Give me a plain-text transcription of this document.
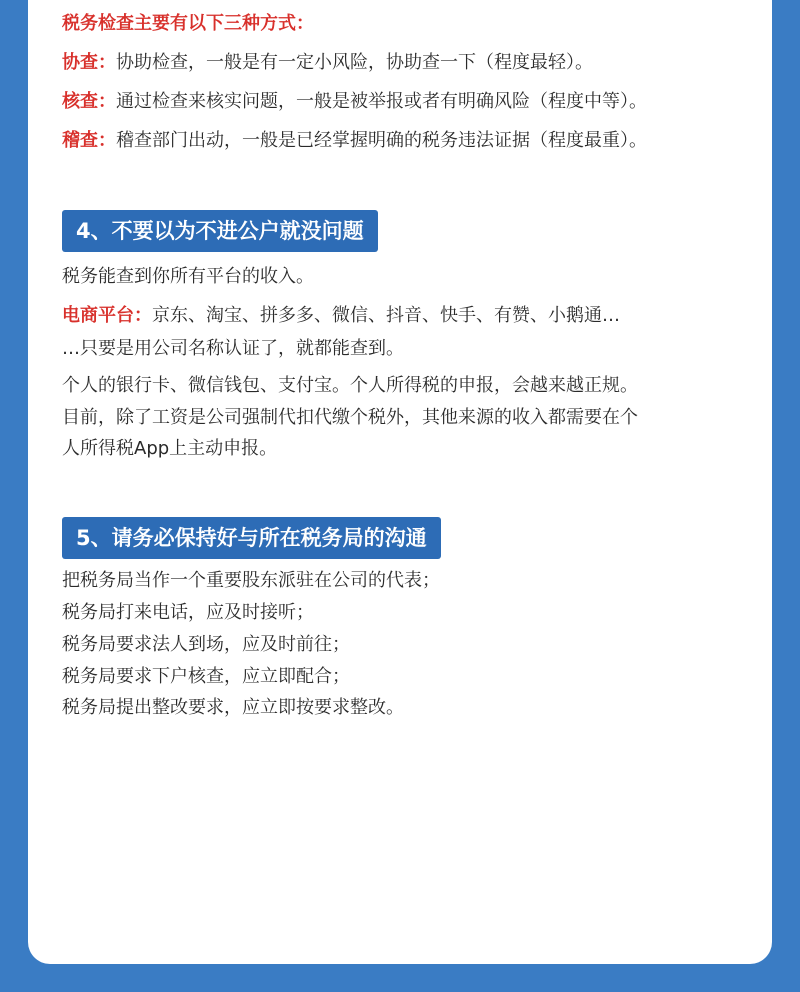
税务检查主要有以下三种方式：
协查：协助检查，一般是有一定小风险，协助查一下（程度最轻）。
核查：通过检查来核实问题，一般是被举报或者有明确风险（程度中等）。
稽查：稽查部门出动，一般是已经掌握明确的税务违法证据（程度最重）。
4、不要以为不进公户就没问题
税务能查到你所有平台的收入。
电商平台：京东、淘宝、拼多多、微信、抖音、快手、有赞、小鹅通…
…只要是用公司名称认证了，就都能查到。
个人的银行卡、微信钱包、支付宝。个人所得税的申报，会越来越正规。
目前，除了工资是公司强制代扣代缴个税外，其他来源的收入都需要在个
人所得税App上主动申报。
5、请务必保持好与所在税务局的沟通
把税务局当作一个重要股东派驻在公司的代表；
税务局打来电话，应及时接听；
税务局要求法人到场，应及时前往；
税务局要求下户核查，应立即配合；
税务局提出整改要求，应立即按要求整改。
